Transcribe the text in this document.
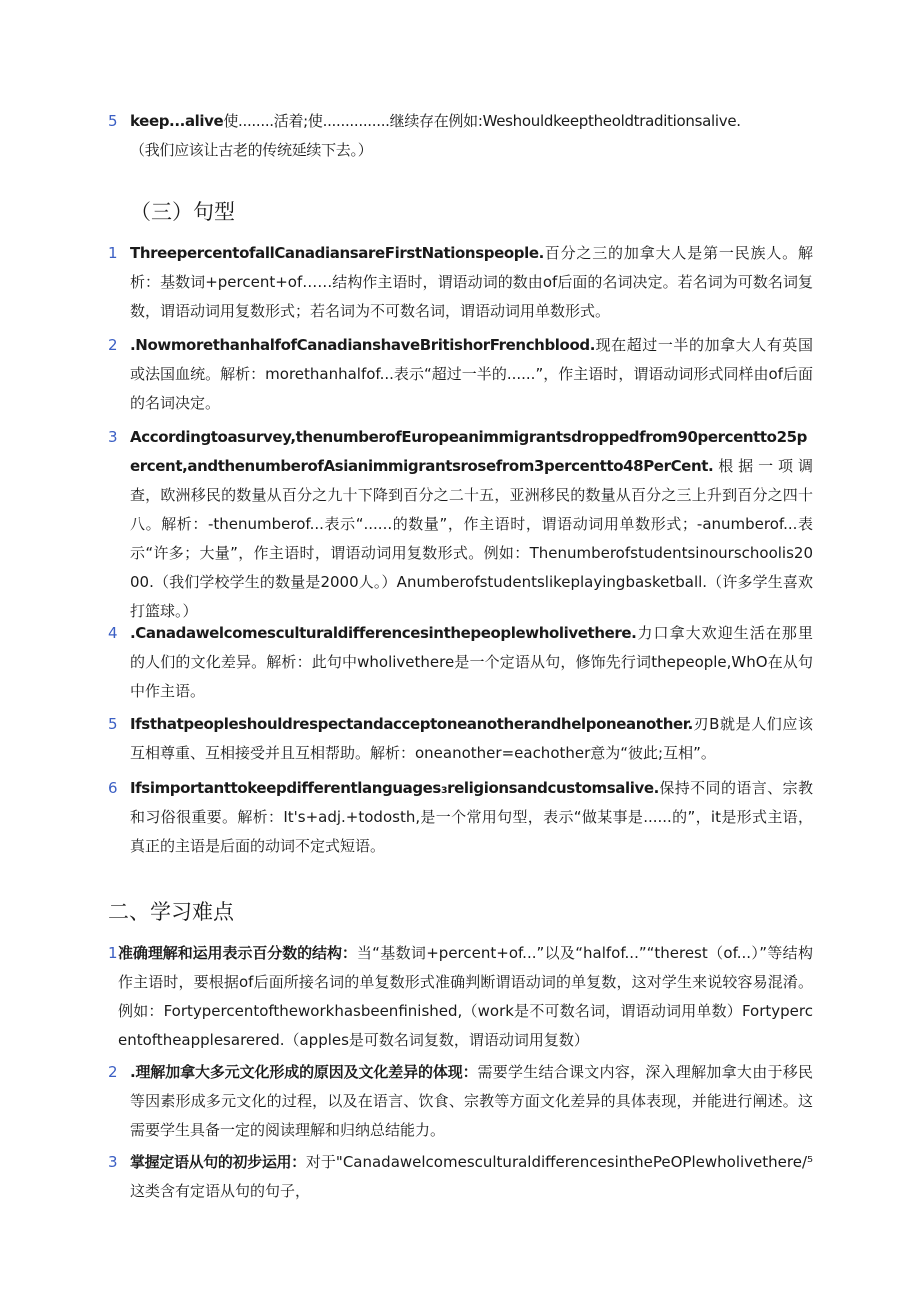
5 keep...alive使........活着;使...............继续存在例如:Weshouldkeeptheoldtraditionsalive.
（我们应该让古老的传统延续下去。）
（三）句型
1 ThreepercentofallCanadiansareFirstNationspeople.百分之三的加拿大人是第一民族人。解析：基数词+percent+of……结构作主语时，谓语动词的数由of后面的名词决定。若名词为可数名词复数，谓语动词用复数形式；若名词为不可数名词，谓语动词用单数形式。
2 .NowmorethanhalfofCanadianshaveBritishorFrenchblood.现在超过一半的加拿大人有英国或法国血统。解析：morethanhalfof...表示“超过一半的......”，作主语时，谓语动词形式同样由of后面的名词决定。
3 Accordingtoasurvey,thenumberofEuropeanimmigrantsdroppedfrom90percentto25percent,andthenumberofAsianimmigrantsrosefrom3percentto48PerCent.根据一项调查，欧洲移民的数量从百分之九十下降到百分之二十五，亚洲移民的数量从百分之三上升到百分之四十八。解析：-thenumberof...表示“......的数量”，作主语时，谓语动词用单数形式；-anumberof...表示“许多；大量”，作主语时，谓语动词用复数形式。例如：Thenumberofstudentsinourschoolis2000.（我们学校学生的数量是2000人。）Anumberofstudentslikeplayingbasketball.（许多学生喜欢打篮球。）
4 .Canadawelcomesculturaldifferencesinthepeoplewholivethere.力口拿大欢迎生活在那里的人们的文化差异。解析：此句中wholivethere是一个定语从句，修饰先行词thepeople,WhO在从句中作主语。
5 Ifsthatpeopleshouldrespectandacceptoneanotherandhelponeanother.刃B就是人们应该互相尊重、互相接受并且互相帮助。解析：oneanother=eachother意为“彼此;互相”。
6 Ifsimportanttokeepdifferentlanguages₃religionsandcustomsalive.保持不同的语言、宗教和习俗很重要。解析：It's+adj.+todosth,是一个常用句型，表示“做某事是......的”，it是形式主语，真正的主语是后面的动词不定式短语。
二、学习难点
1 准确理解和运用表示百分数的结构：当“基数词+percent+of...”以及“halfof...”“therest（of...）”等结构作主语时，要根据of后面所接名词的单复数形式准确判断谓语动词的单复数，这对学生来说较容易混淆。例如：Fortypercentoftheworkhasbeenfinished,（work是不可数名词，谓语动词用单数）Fortypercentoftheapplesarered.（apples是可数名词复数，谓语动词用复数）
2 .理解加拿大多元文化形成的原因及文化差异的体现：需要学生结合课文内容，深入理解加拿大由于移民等因素形成多元文化的过程，以及在语言、饮食、宗教等方面文化差异的具体表现，并能进行阐述。这需要学生具备一定的阅读理解和归纳总结能力。
3 掌握定语从句的初步运用：对于"CanadawelcomesculturaldifferencesinthePeOPlewholivethere/⁵这类含有定语从句的句子，
